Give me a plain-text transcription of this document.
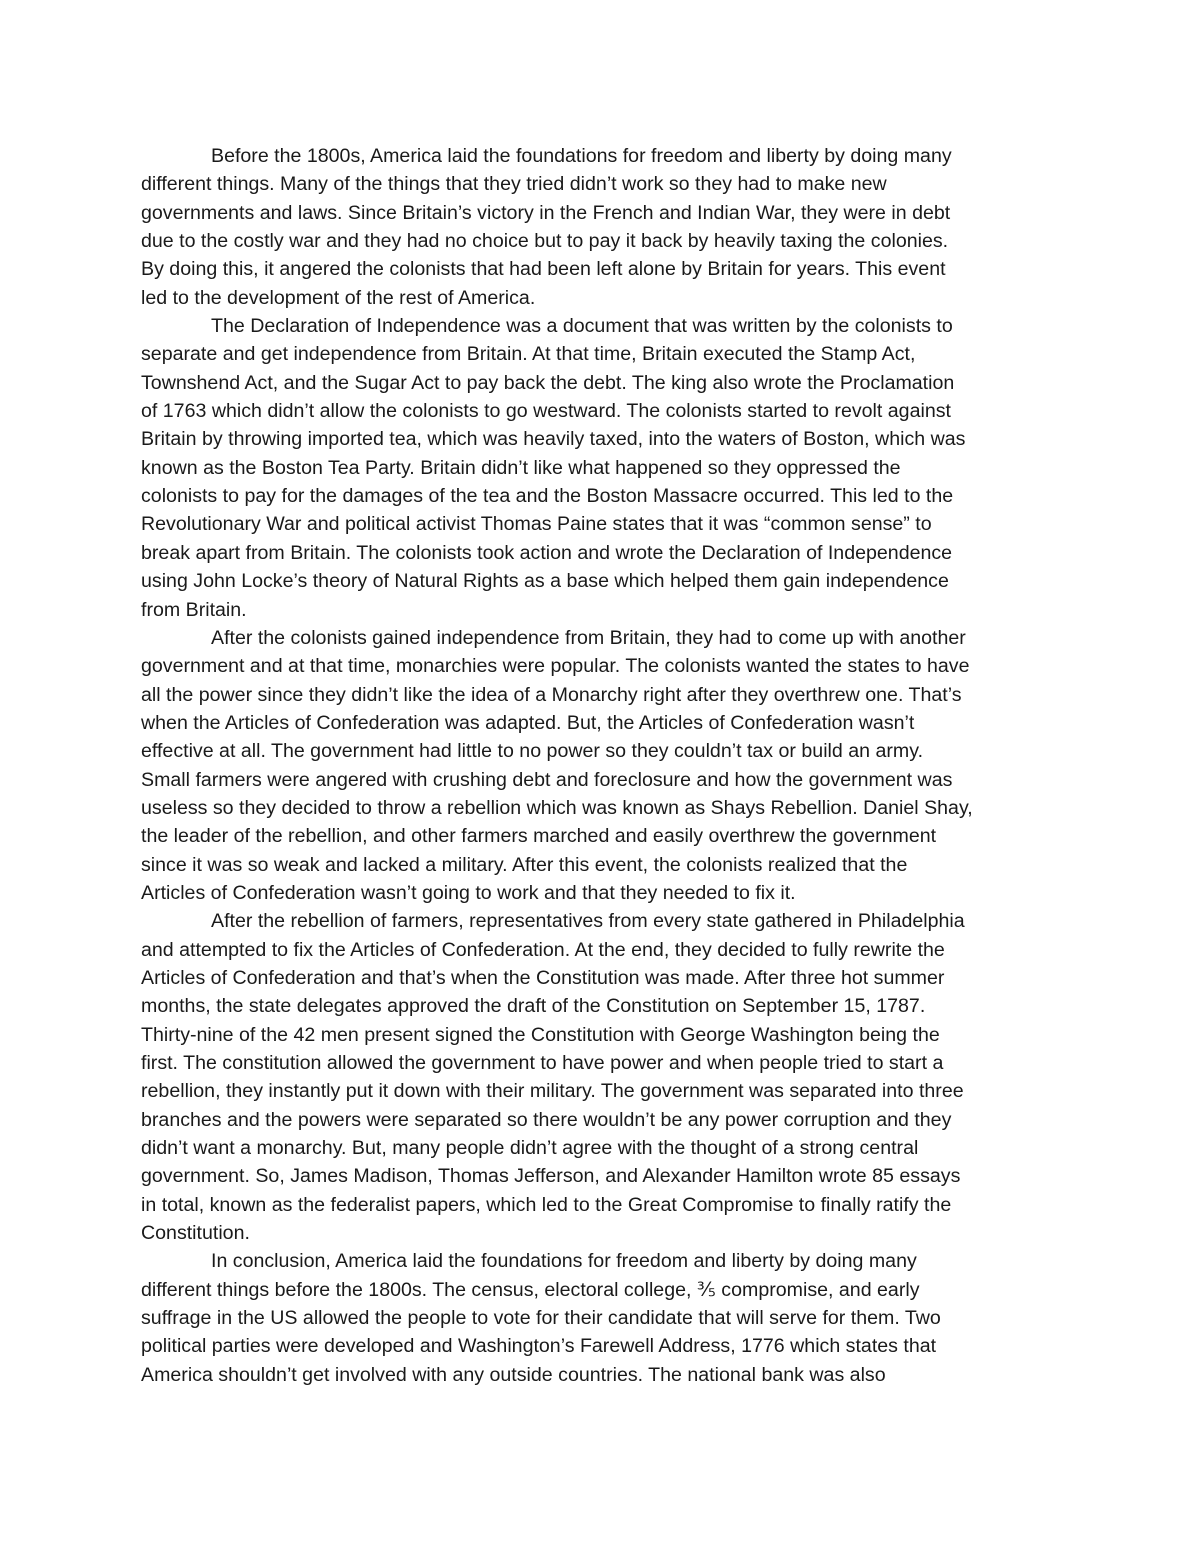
Before the 1800s, America laid the foundations for freedom and liberty by doing many
different things. Many of the things that they tried didn’t work so they had to make new
governments and laws. Since Britain’s victory in the French and Indian War, they were in debt
due to the costly war and they had no choice but to pay it back by heavily taxing the colonies.
By doing this, it angered the colonists that had been left alone by Britain for years. This event
led to the development of the rest of America.
The Declaration of Independence was a document that was written by the colonists to
separate and get independence from Britain. At that time, Britain executed the Stamp Act,
Townshend Act, and the Sugar Act to pay back the debt. The king also wrote the Proclamation
of 1763 which didn’t allow the colonists to go westward. The colonists started to revolt against
Britain by throwing imported tea, which was heavily taxed, into the waters of Boston, which was
known as the Boston Tea Party. Britain didn’t like what happened so they oppressed the
colonists to pay for the damages of the tea and the Boston Massacre occurred. This led to the
Revolutionary War and political activist Thomas Paine states that it was “common sense” to
break apart from Britain. The colonists took action and wrote the Declaration of Independence
using John Locke’s theory of Natural Rights as a base which helped them gain independence
from Britain.
After the colonists gained independence from Britain, they had to come up with another
government and at that time, monarchies were popular. The colonists wanted the states to have
all the power since they didn’t like the idea of a Monarchy right after they overthrew one. That’s
when the Articles of Confederation was adapted. But, the Articles of Confederation wasn’t
effective at all. The government had little to no power so they couldn’t tax or build an army.
Small farmers were angered with crushing debt and foreclosure and how the government was
useless so they decided to throw a rebellion which was known as Shays Rebellion. Daniel Shay,
the leader of the rebellion, and other farmers marched and easily overthrew the government
since it was so weak and lacked a military. After this event, the colonists realized that the
Articles of Confederation wasn’t going to work and that they needed to fix it.
After the rebellion of farmers, representatives from every state gathered in Philadelphia
and attempted to fix the Articles of Confederation. At the end, they decided to fully rewrite the
Articles of Confederation and that’s when the Constitution was made. After three hot summer
months, the state delegates approved the draft of the Constitution on September 15, 1787.
Thirty-nine of the 42 men present signed the Constitution with George Washington being the
first. The constitution allowed the government to have power and when people tried to start a
rebellion, they instantly put it down with their military. The government was separated into three
branches and the powers were separated so there wouldn’t be any power corruption and they
didn’t want a monarchy. But, many people didn’t agree with the thought of a strong central
government. So, James Madison, Thomas Jefferson, and Alexander Hamilton wrote 85 essays
in total, known as the federalist papers, which led to the Great Compromise to finally ratify the
Constitution.
In conclusion, America laid the foundations for freedom and liberty by doing many
different things before the 1800s. The census, electoral college, ⅗ compromise, and early
suffrage in the US allowed the people to vote for their candidate that will serve for them. Two
political parties were developed and Washington’s Farewell Address, 1776 which states that
America shouldn’t get involved with any outside countries. The national bank was also
